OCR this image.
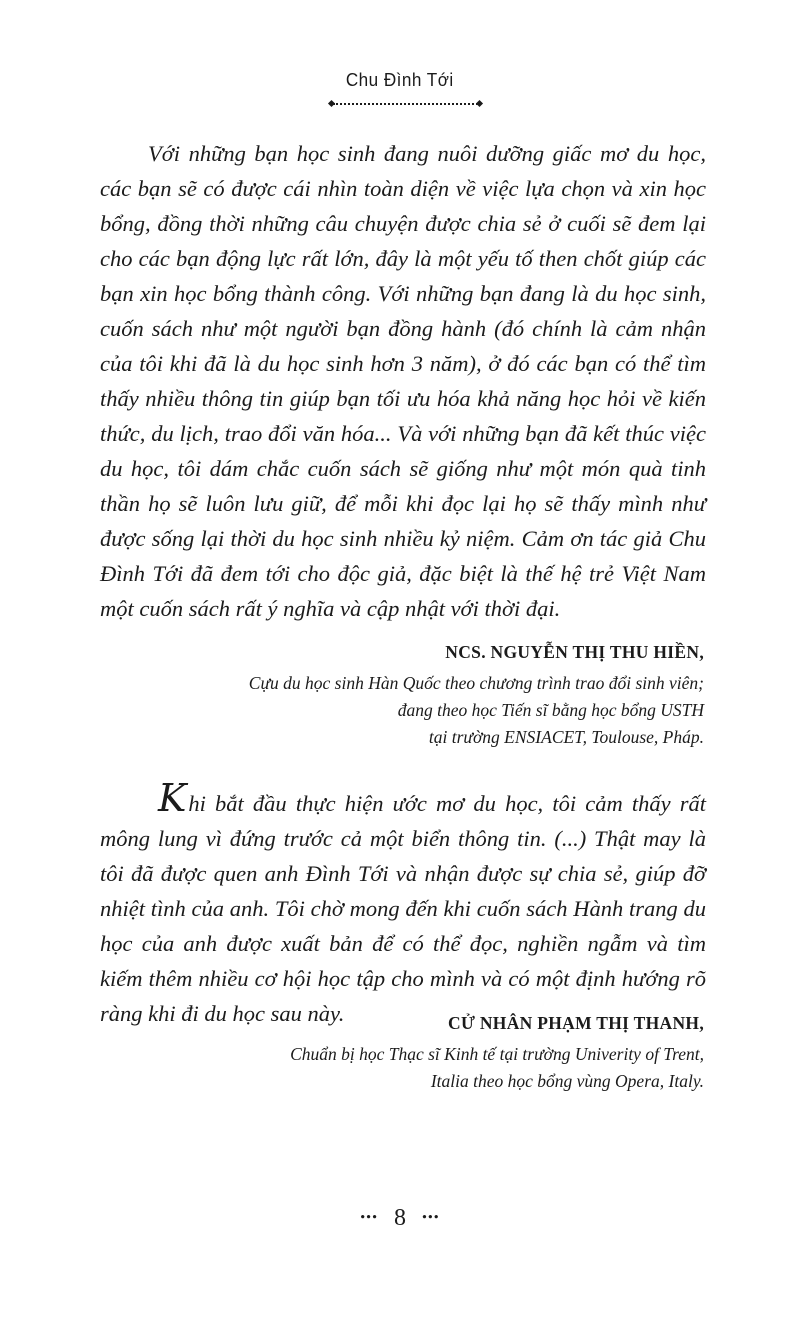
Chu Đình Tới

Với những bạn học sinh đang nuôi dưỡng giấc mơ du học, các bạn sẽ có được cái nhìn toàn diện về việc lựa chọn và xin học bổng, đồng thời những câu chuyện được chia sẻ ở cuối sẽ đem lại cho các bạn động lực rất lớn, đây là một yếu tố then chốt giúp các bạn xin học bổng thành công. Với những bạn đang là du học sinh, cuốn sách như một người bạn đồng hành (đó chính là cảm nhận của tôi khi đã là du học sinh hơn 3 năm), ở đó các bạn có thể tìm thấy nhiều thông tin giúp bạn tối ưu hóa khả năng học hỏi về kiến thức, du lịch, trao đổi văn hóa... Và với những bạn đã kết thúc việc du học, tôi dám chắc cuốn sách sẽ giống như một món quà tinh thần họ sẽ luôn lưu giữ, để mỗi khi đọc lại họ sẽ thấy mình như được sống lại thời du học sinh nhiều kỷ niệm. Cảm ơn tác giả Chu Đình Tới đã đem tới cho độc giả, đặc biệt là thế hệ trẻ Việt Nam một cuốn sách rất ý nghĩa và cập nhật với thời đại.

NCS. NGUYỄN THỊ THU HIỀN,
Cựu du học sinh Hàn Quốc theo chương trình trao đổi sinh viên;
đang theo học Tiến sĩ bằng học bổng USTH
tại trường ENSIACET, Toulouse, Pháp.

Khi bắt đầu thực hiện ước mơ du học, tôi cảm thấy rất mông lung vì đứng trước cả một biển thông tin. (...) Thật may là tôi đã được quen anh Đình Tới và nhận được sự chia sẻ, giúp đỡ nhiệt tình của anh. Tôi chờ mong đến khi cuốn sách Hành trang du học của anh được xuất bản để có thể đọc, nghiền ngẫm và tìm kiếm thêm nhiều cơ hội học tập cho mình và có một định hướng rõ ràng khi đi du học sau này.	CỬ NHÂN PHẠM THỊ THANH,
Chuẩn bị học Thạc sĩ Kinh tế tại trường Univerity of Trent,
Italia theo học bổng vùng Opera, Italy.
••• 8 •••
